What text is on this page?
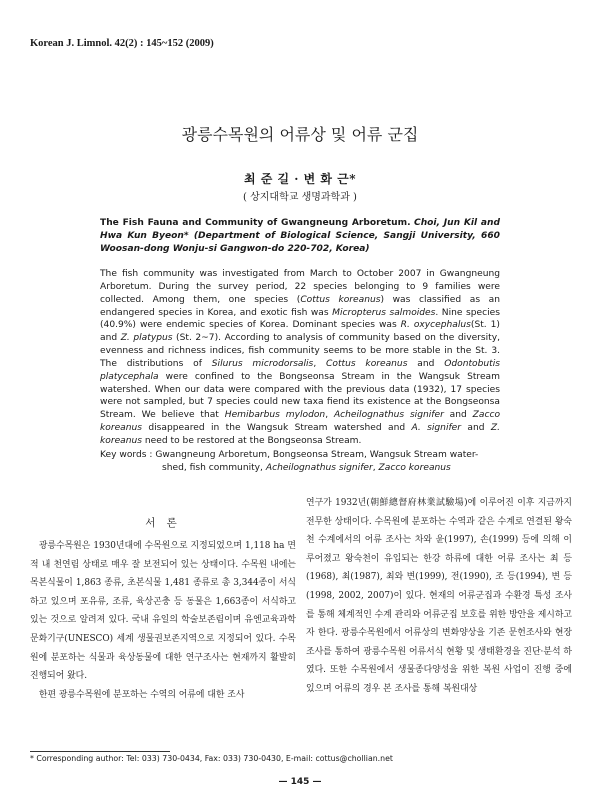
Korean J. Limnol. 42(2) : 145~152 (2009)
광릉수목원의 어류상 및 어류 군집
최 준 길 · 변 화 근*
( 상지대학교 생명과학과 )
The Fish Fauna and Community of Gwangneung Arboretum. Choi, Jun Kil and Hwa Kun Byeon* (Department of Biological Science, Sangji University, 660 Woosan-dong Wonju-si Gangwon-do 220-702, Korea)
The fish community was investigated from March to October 2007 in Gwangneung Arboretum. During the survey period, 22 species belonging to 9 families were collected. Among them, one species (Cottus koreanus) was classified as an endangered species in Korea, and exotic fish was Micropterus salmoides. Nine species (40.9%) were endemic species of Korea. Dominant species was R. oxycephalus(St. 1) and Z. platypus (St. 2~7). According to analysis of community based on the diversity, evenness and richness indices, fish community seems to be more stable in the St. 3. The distributions of Silurus microdorsalis, Cottus koreanus and Odontobutis platycephala were confined to the Bongseonsa Stream in the Wangsuk Stream watershed. When our data were compared with the previous data (1932), 17 species were not sampled, but 7 species could new taxa fiend its existence at the Bongseonsa Stream. We believe that Hemibarbus mylodon, Acheilognathus signifer and Zacco koreanus disappeared in the Wangsuk Stream watershed and A. signifer and Z. koreanus need to be restored at the Bongseonsa Stream.
Key words : Gwangneung Arboretum, Bongseonsa Stream, Wangsuk Stream water-
shed, fish community, Acheilognathus signifer, Zacco koreanus
서 론
광릉수목원은 1930년대에 수목원으로 지정되었으며 1,118 ha 면적 내 천연림 상태로 매우 잘 보전되어 있는 상태이다. 수목원 내에는 목본식물이 1,863 종류, 초본식물 1,481 종류로 총 3,344종이 서식하고 있으며 포유류, 조류, 육상곤충 등 동물은 1,663종이 서식하고 있는 것으로 알려져 있다. 국내 유일의 학술보존림이며 유엔교육과학문화기구(UNESCO) 세계 생물권보존지역으로 지정되어 있다. 수목원에 분포하는 식물과 육상동물에 대한 연구조사는 현재까지 활발히 진행되어 왔다.
한편 광릉수목원에 분포하는 수역의 어류에 대한 조사
연구가 1932년(朝鮮總督府林業試驗場)에 이루어진 이후 지금까지 전무한 상태이다. 수목원에 분포하는 수역과 같은 수계로 연결된 왕숙천 수계에서의 어류 조사는 차와 윤(1997), 손(1999) 등에 의해 이루어졌고 왕숙천이 유입되는 한강 하류에 대한 어류 조사는 최 등(1968), 최(1987), 최와 변(1999), 전(1990), 조 등(1994), 변 등(1998, 2002, 2007)이 있다. 현재의 어류군집과 수환경 특성 조사를 통해 체계적인 수계 관리와 어류군집 보호를 위한 방안을 제시하고자 한다. 광릉수목원에서 어류상의 변화양상을 기존 문헌조사와 현장 조사를 통하여 광릉수목원 어류서식 현황 및 생태환경을 진단·분석 하였다. 또한 수목원에서 생물종다양성을 위한 복원 사업이 진행 중에 있으며 어류의 경우 본 조사를 통해 복원대상
* Corresponding author: Tel: 033) 730-0434, Fax: 033) 730-0430, E-mail: cottus@chollian.net
— 145 —
